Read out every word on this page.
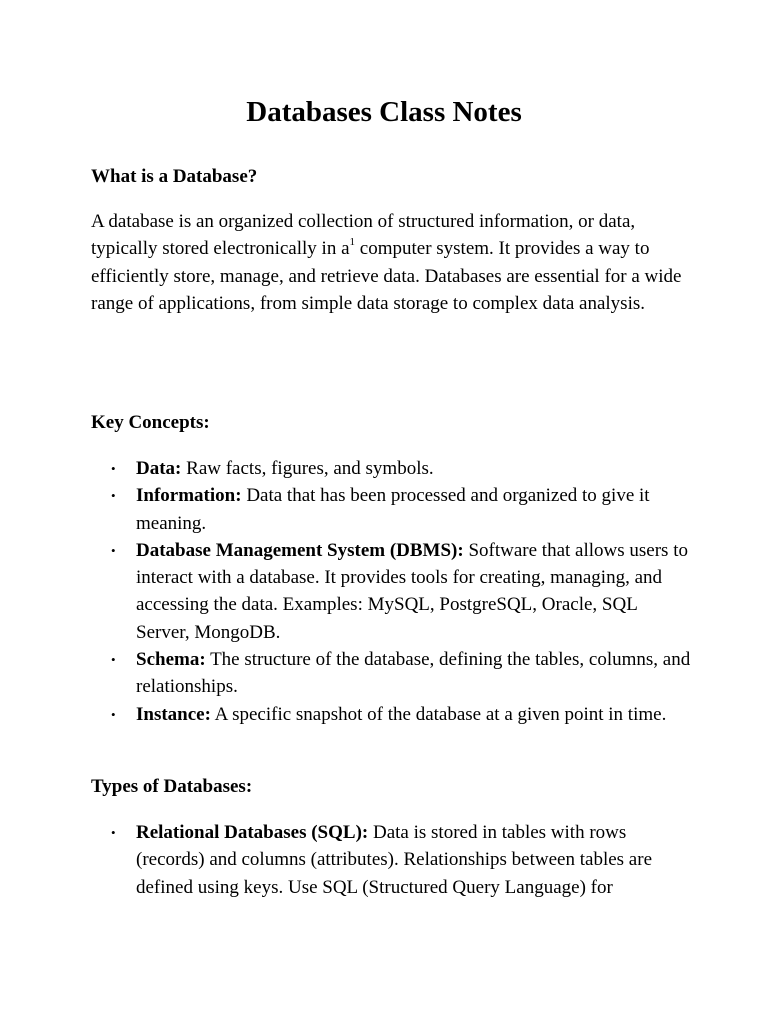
Databases Class Notes
What is a Database?

A database is an organized collection of structured information, or data, typically stored electronically in $a^1$ computer system. It provides a way to efficiently store, manage, and retrieve data. Databases are essential for a wide range of applications, from simple data storage to complex data analysis.

Key Concepts:
• Data: Raw facts, figures, and symbols.
• Information: Data that has been processed and organized to give it meaning.
• Database Management System (DBMS): Software that allows users to interact with a database. It provides tools for creating, managing, and accessing the data. Examples: MySQL, PostgreSQL, Oracle, SQL Server, MongoDB.
• Schema: The structure of the database, defining the tables, columns, and relationships.
• Instance: A specific snapshot of the database at a given point in time.
Types of Databases:
• Relational Databases (SQL): Data is stored in tables with rows (records) and columns (attributes). Relationships between tables are defined using keys. Use SQL (Structured Query Language) for
